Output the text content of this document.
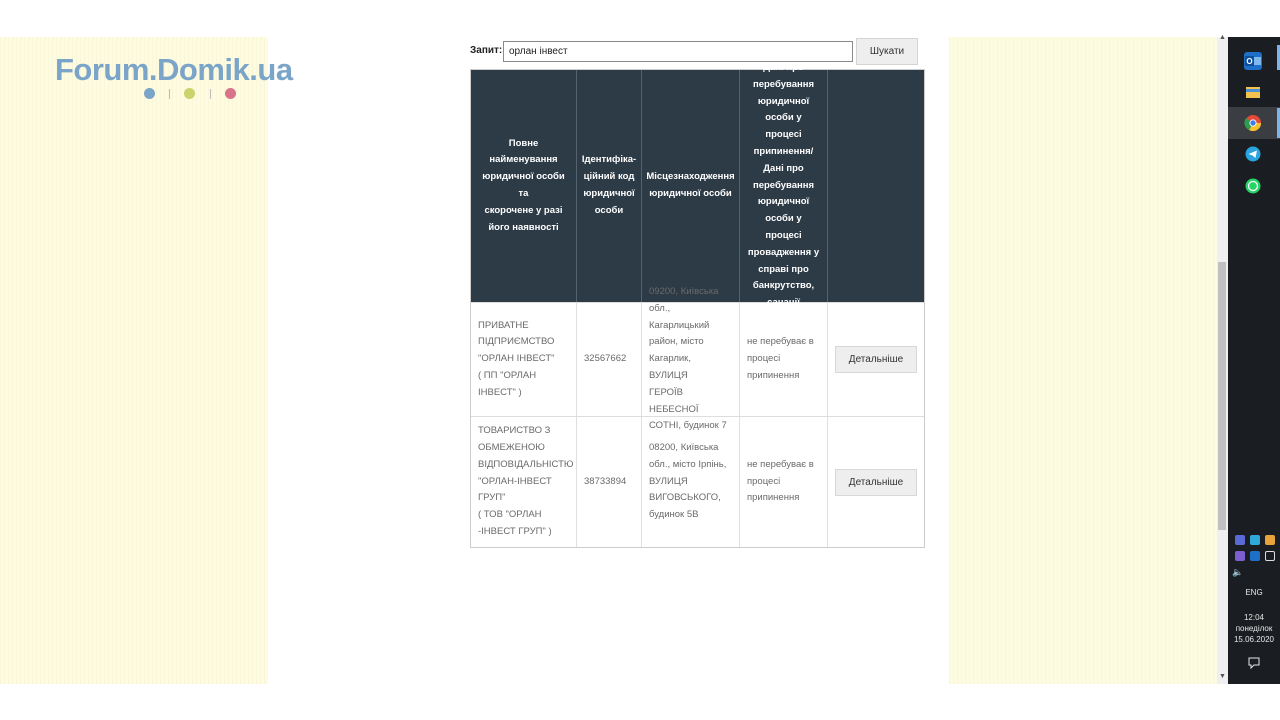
Forum.Domik.ua
Запит:
орлан інвест	Шукати
Повне
найменування
юридичної особи та
скорочене у разі
його наявності
Ідентифіка-
ційний код
юридичної
особи
Місцезнаходження
юридичної особи
Дані про
перебування
юридичної
особи у процесі
припинення/
Дані про
перебування
юридичної
особи у процесі
провадження у
справі про
банкрутство,

ПРИВАТНЕ
ПІДПРИЄМСТВО
"ОРЛАН ІНВЕСТ"
( ПП "ОРЛАН
ІНВЕСТ" )
32567662

обл., Кагарлицький
район, місто
Кагарлик, ВУЛИЦЯ
ГЕРОЇВ НЕБЕСНОЇ

не перебуває в
процесі
припинення
Детальніше
ТОВАРИСТВО З
ОБМЕЖЕНОЮ
ВІДПОВІДАЛЬНІСТЮ
"ОРЛАН-ІНВЕСТ
ГРУП"
( ТОВ "ОРЛАН
-ІНВЕСТ ГРУП" )
38733894
08200, Київська
обл., місто Ірпінь,
ВУЛИЦЯ
ВИГОВСЬКОГО,
будинок 5В
не перебуває в
процесі
припинення
Детальніше
▲
▼
O
🔈
ENG
12:04
понеділок
15.06.2020
